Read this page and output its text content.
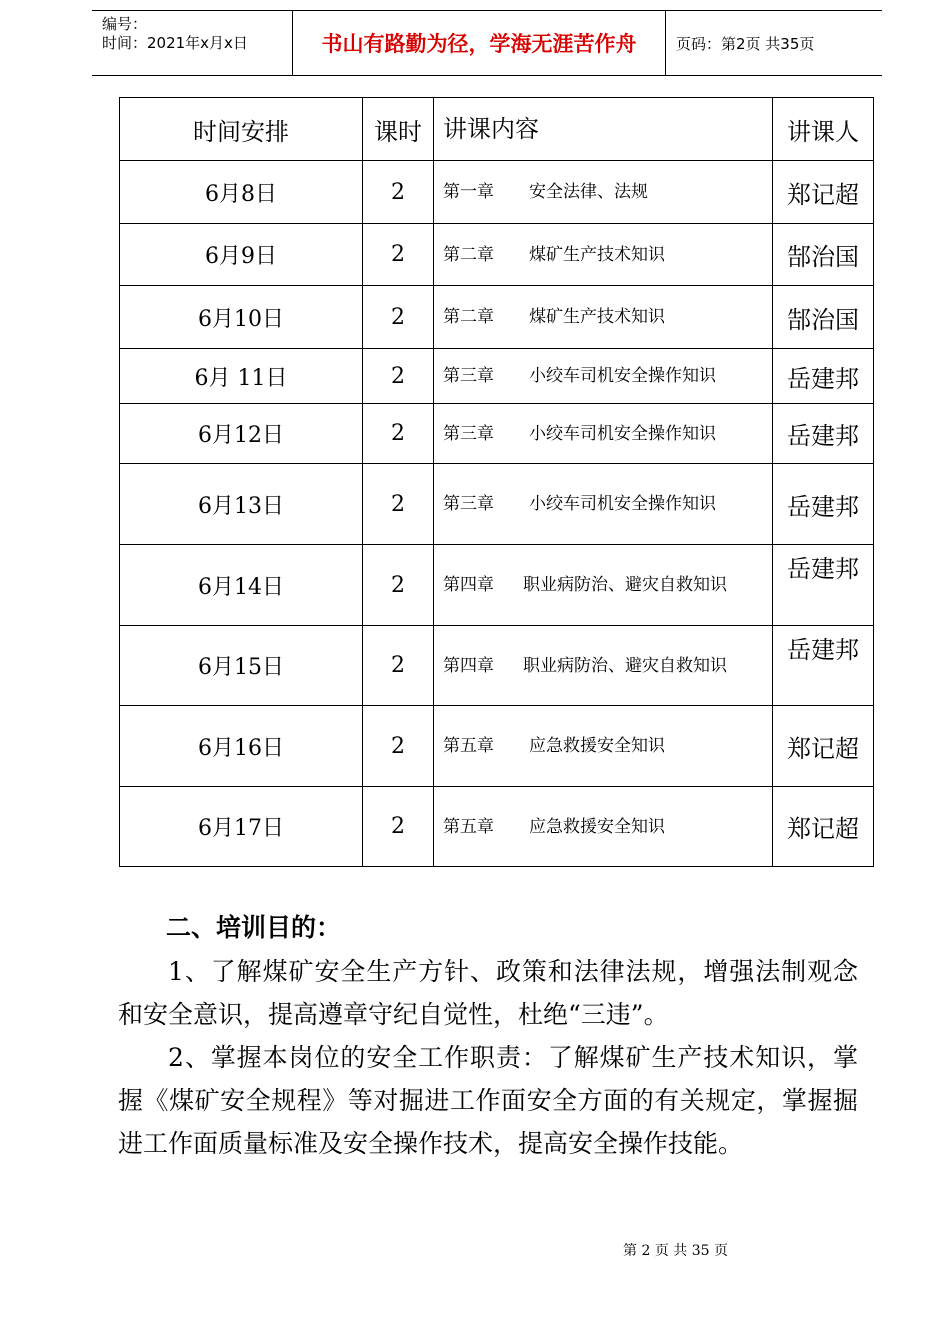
编号：
时间：2021年x月x日	书山有路勤为径，学海无涯苦作舟	页码：第2页 共35页
时间安排	课时	讲课内容	讲课人
6月8日	2	第一章 安全法律、法规	郑记超
6月9日	2	第二章 煤矿生产技术知识	郜治国
6月10日	2	第二章 煤矿生产技术知识	郜治国
6月 11日	2	第三章 小绞车司机安全操作知识	岳建邦
6月12日	2	第三章 小绞车司机安全操作知识	岳建邦
6月13日	2	第三章 小绞车司机安全操作知识	岳建邦
6月14日	2	第四章 职业病防治、避灾自救知识	岳建邦
6月15日	2	第四章 职业病防治、避灾自救知识	岳建邦
6月16日	2	第五章 应急救援安全知识	郑记超
6月17日	2	第五章 应急救援安全知识	郑记超
二、培训目的：

1、了解煤矿安全生产方针、政策和法律法规，增强法制观念和安全意识，提高遵章守纪自觉性，杜绝“三违”。

2、掌握本岗位的安全工作职责：了解煤矿生产技术知识，掌握《煤矿安全规程》等对掘进工作面安全方面的有关规定，掌握掘进工作面质量标准及安全操作技术，提高安全操作技能。

第 2 页 共 35 页
